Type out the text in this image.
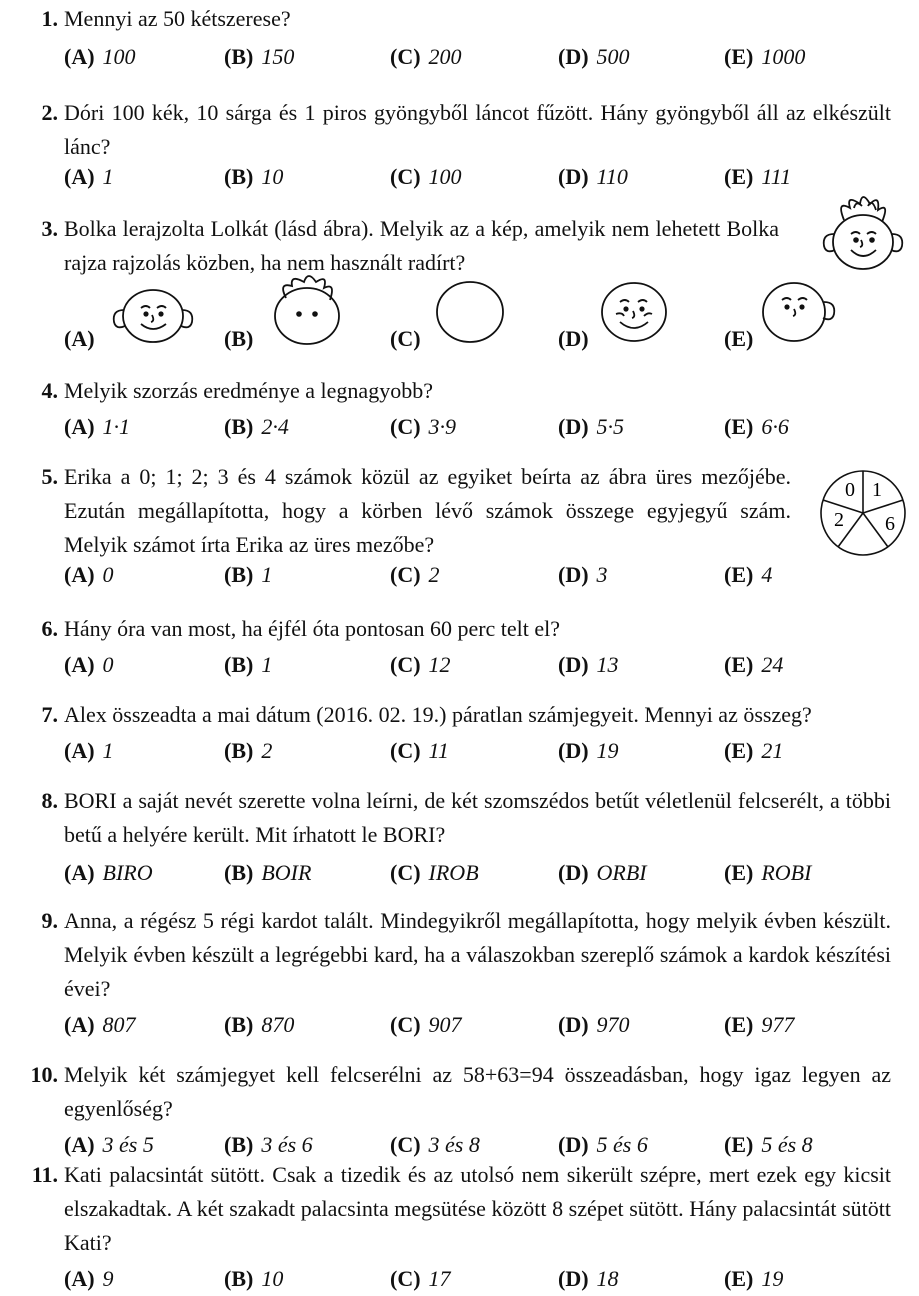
1. Mennyi az 50 kétszerese?
(A) 100	(B) 150	(C) 200	(D) 500	(E) 1000
2. Dóri 100 kék, 10 sárga és 1 piros gyöngyből láncot fűzött. Hány gyöngyből áll az elkészült lánc?
(A) 1	(B) 10	(C) 100	(D) 110	(E) 111
3. Bolka lerajzolta Lolkát (lásd ábra). Melyik az a kép, amelyik nem lehetett Bolka rajza rajzolás közben, ha nem használt radírt?
(A)	(B)	(C)	(D)	(E)
4. Melyik szorzás eredménye a legnagyobb?
(A) 1·1	(B) 2·4	(C) 3·9	(D) 5·5	(E) 6·6
5. Erika a 0; 1; 2; 3 és 4 számok közül az egyiket beírta az ábra üres mezőjébe. Ezután megállapította, hogy a körben lévő számok összege egyjegyű szám. Melyik számot írta Erika az üres mezőbe?
0 1
2 6
(A) 0	(B) 1	(C) 2	(D) 3	(E) 4
6. Hány óra van most, ha éjfél óta pontosan 60 perc telt el?
(A) 0	(B) 1	(C) 12	(D) 13	(E) 24
7. Alex összeadta a mai dátum (2016. 02. 19.) páratlan számjegyeit. Mennyi az összeg?
(A) 1	(B) 2	(C) 11	(D) 19	(E) 21
8. BORI a saját nevét szerette volna leírni, de két szomszédos betűt véletlenül felcserélt, a többi betű a helyére került. Mit írhatott le BORI?
(A) BIRO	(B) BOIR	(C) IROB	(D) ORBI	(E) ROBI
9. Anna, a régész 5 régi kardot talált. Mindegyikről megállapította, hogy melyik évben készült. Melyik évben készült a legrégebbi kard, ha a válaszokban szereplő számok a kardok készítési évei?
(A) 807	(B) 870	(C) 907	(D) 970	(E) 977
10. Melyik két számjegyet kell felcserélni az 58+63=94 összeadásban, hogy igaz legyen az egyenlőség?
(A) 3 és 5	(B) 3 és 6	(C) 3 és 8	(D) 5 és 6	(E) 5 és 8
11. Kati palacsintát sütött. Csak a tizedik és az utolsó nem sikerült szépre, mert ezek egy kicsit elszakadtak. A két szakadt palacsinta megsütése között 8 szépet sütött. Hány palacsintát sütött Kati?
(A) 9	(B) 10	(C) 17	(D) 18	(E) 19
